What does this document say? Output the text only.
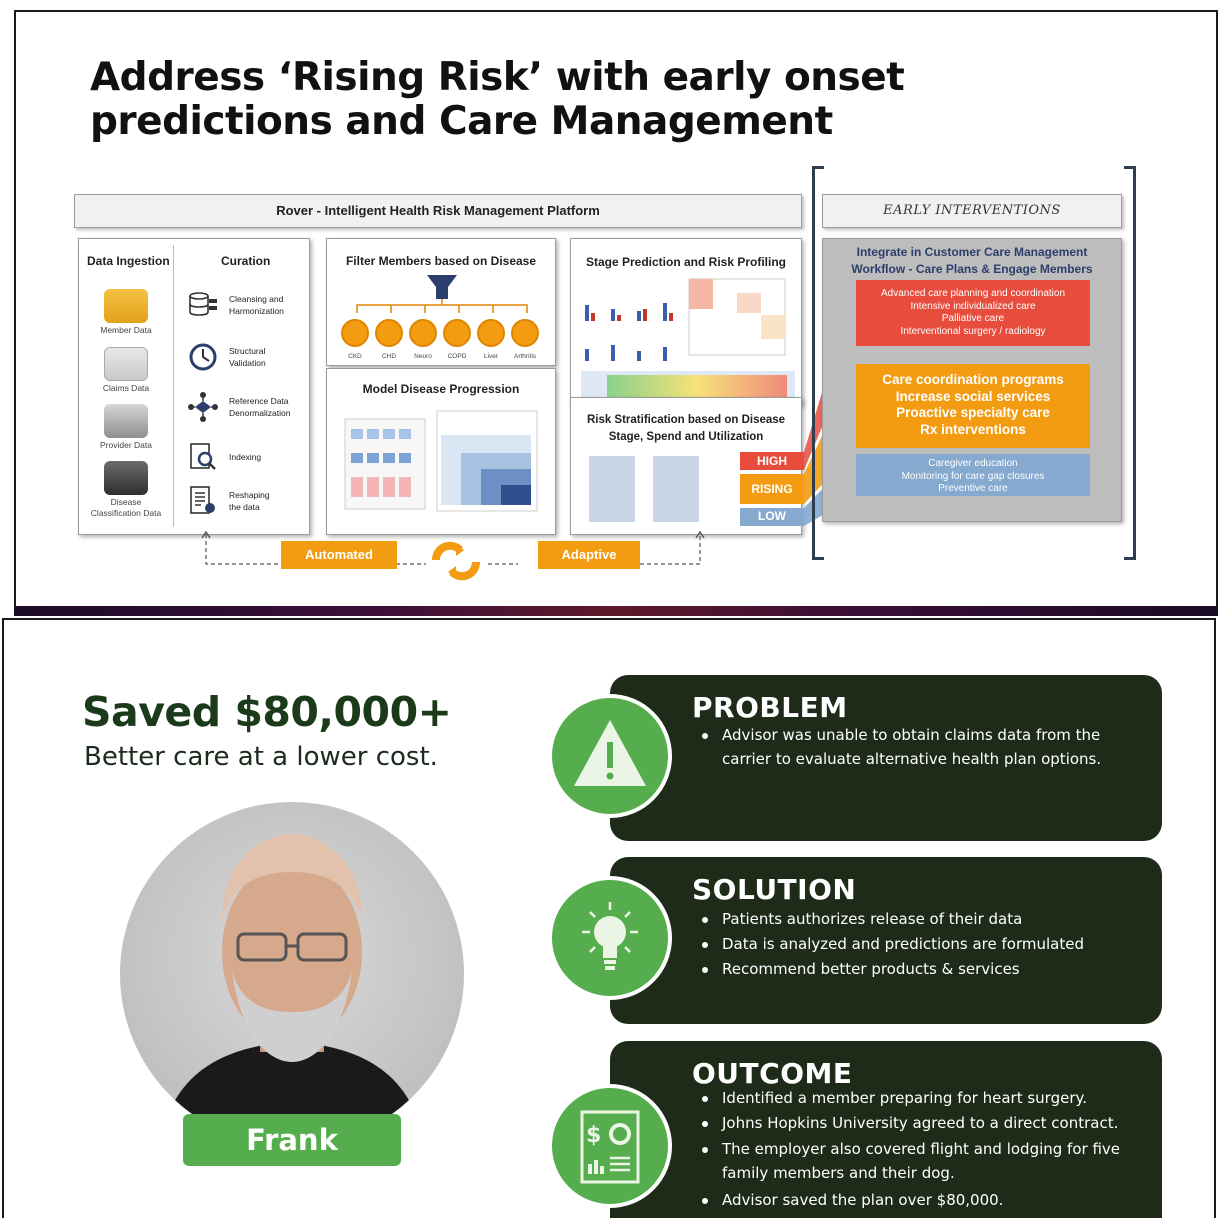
Address ‘Rising Risk’ with early onset
predictions and Care Management
Rover - Intelligent Health Risk Management Platform
Data Ingestion	Curation
Member Data
Claims Data
Provider Data
Disease
Classification Data
Cleansing and
Harmonization
Structural
Validation
Reference Data
Denormalization
Indexing
Reshaping
the data
Filter Members based on Disease
CKD	CHD	Neuro	COPD	Liver	Arthritis
Model Disease Progression
Stage Prediction and Risk Profiling
Risk Stratification based on Disease
Stage, Spend and Utilization
HIGH
RISING
LOW
Automated	Adaptive
EARLY INTERVENTIONS
Integrate in Customer Care Management
Workflow - Care Plans & Engage Members
Advanced care planning and coordination
Intensive individualized care
Palliative care
Interventional surgery / radiology
Care coordination programs
Increase social services
Proactive specialty care
Rx interventions
Caregiver education
Monitoring for care gap closures
Preventive care
Saved $80,000+
Better care at a lower cost.
Frank
PROBLEM
Advisor was unable to obtain claims data from the carrier to evaluate alternative health plan options.
SOLUTION
Patients authorizes release of their data
Data is analyzed and predictions are formulated
Recommend better products & services
OUTCOME
Identified a member preparing for heart surgery.
Johns Hopkins University agreed to a direct contract.
The employer also covered flight and lodging for five family members and their dog.
Advisor saved the plan over $80,000.
$
